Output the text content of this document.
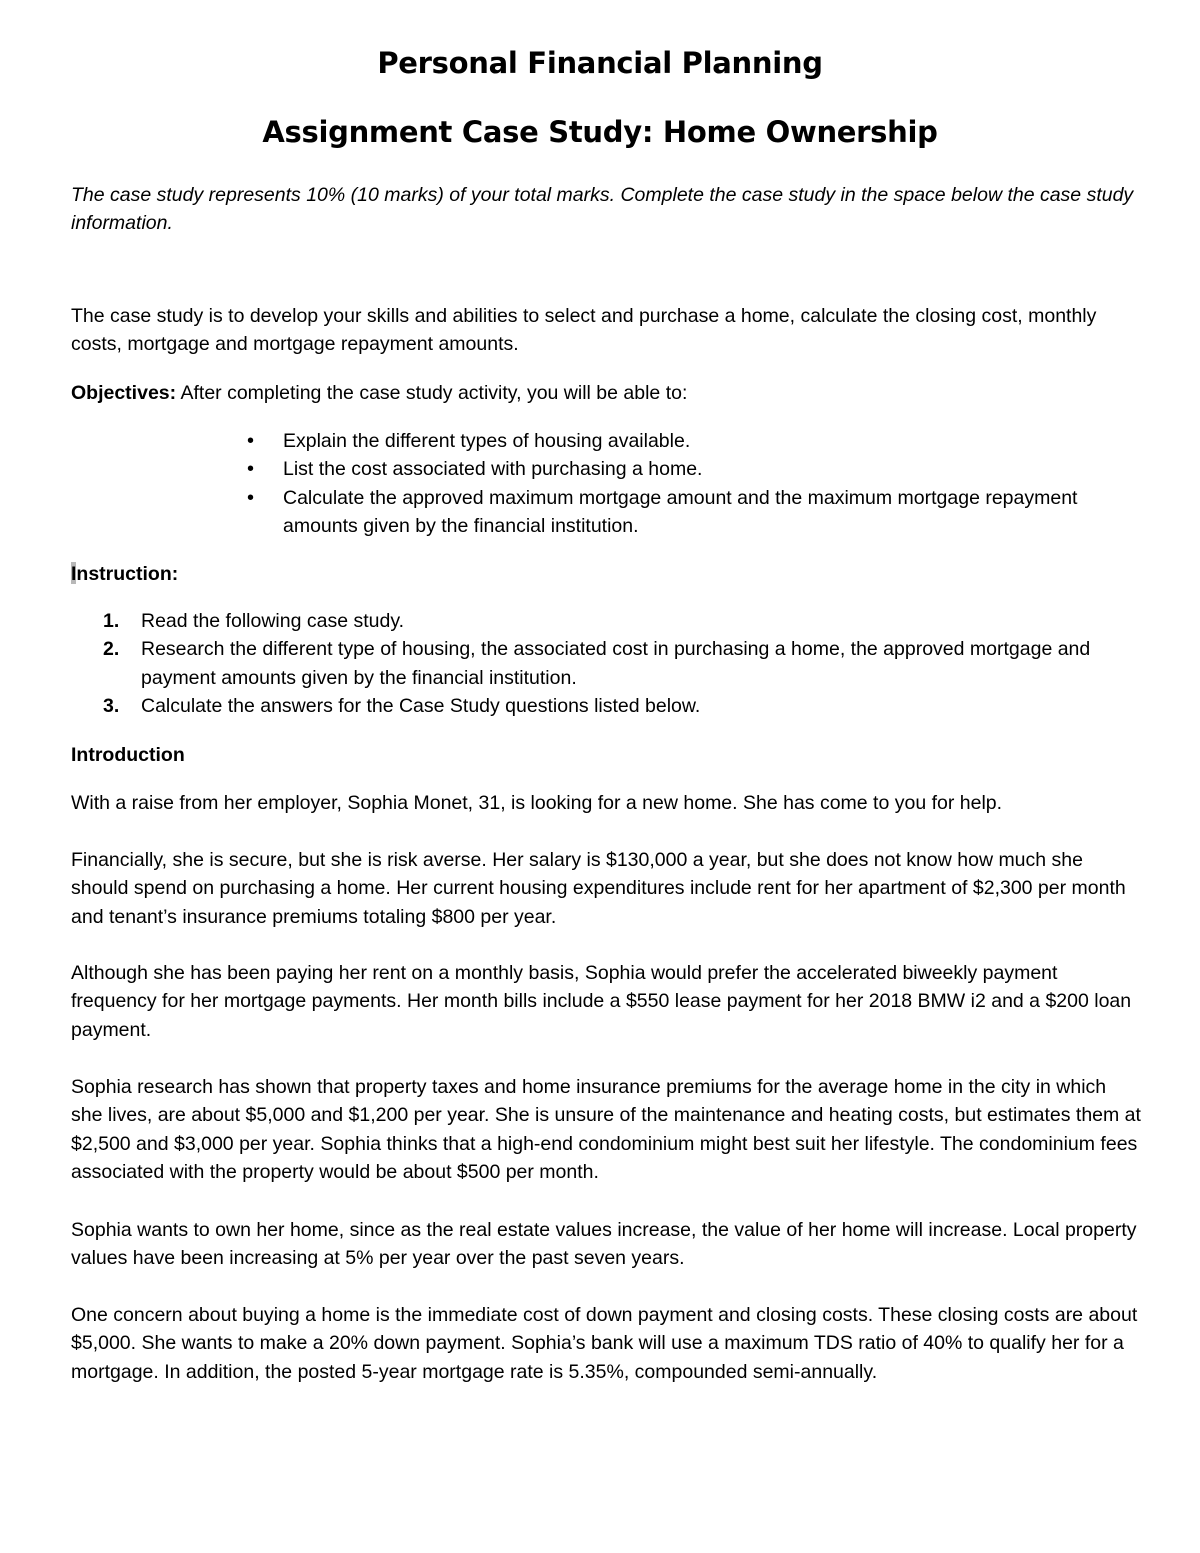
Personal Financial Planning
Assignment Case Study: Home Ownership

The case study represents 10% (10 marks) of your total marks. Complete the case study in the space below the case study information.

The case study is to develop your skills and abilities to select and purchase a home, calculate the closing cost, monthly costs, mortgage and mortgage repayment amounts.

Objectives: After completing the case study activity, you will be able to:

• Explain the different types of housing available.
• List the cost associated with purchasing a home.
• Calculate the approved maximum mortgage amount and the maximum mortgage repayment amounts given by the financial institution.

Instruction:

1. Read the following case study.
2. Research the different type of housing, the associated cost in purchasing a home, the approved mortgage and payment amounts given by the financial institution.
3. Calculate the answers for the Case Study questions listed below.

Introduction

With a raise from her employer, Sophia Monet, 31, is looking for a new home. She has come to you for help.

Financially, she is secure, but she is risk averse. Her salary is $130,000 a year, but she does not know how much she should spend on purchasing a home. Her current housing expenditures include rent for her apartment of $2,300 per month and tenant’s insurance premiums totaling $800 per year.

Although she has been paying her rent on a monthly basis, Sophia would prefer the accelerated biweekly payment frequency for her mortgage payments. Her month bills include a $550 lease payment for her 2018 BMW i2 and a $200 loan payment.

Sophia research has shown that property taxes and home insurance premiums for the average home in the city in which she lives, are about $5,000 and $1,200 per year. She is unsure of the maintenance and heating costs, but estimates them at $2,500 and $3,000 per year. Sophia thinks that a high-end condominium might best suit her lifestyle. The condominium fees associated with the property would be about $500 per month.

Sophia wants to own her home, since as the real estate values increase, the value of her home will increase. Local property values have been increasing at 5% per year over the past seven years.

One concern about buying a home is the immediate cost of down payment and closing costs. These closing costs are about $5,000. She wants to make a 20% down payment. Sophia’s bank will use a maximum TDS ratio of 40% to qualify her for a mortgage. In addition, the posted 5-year mortgage rate is 5.35%, compounded semi-annually.
